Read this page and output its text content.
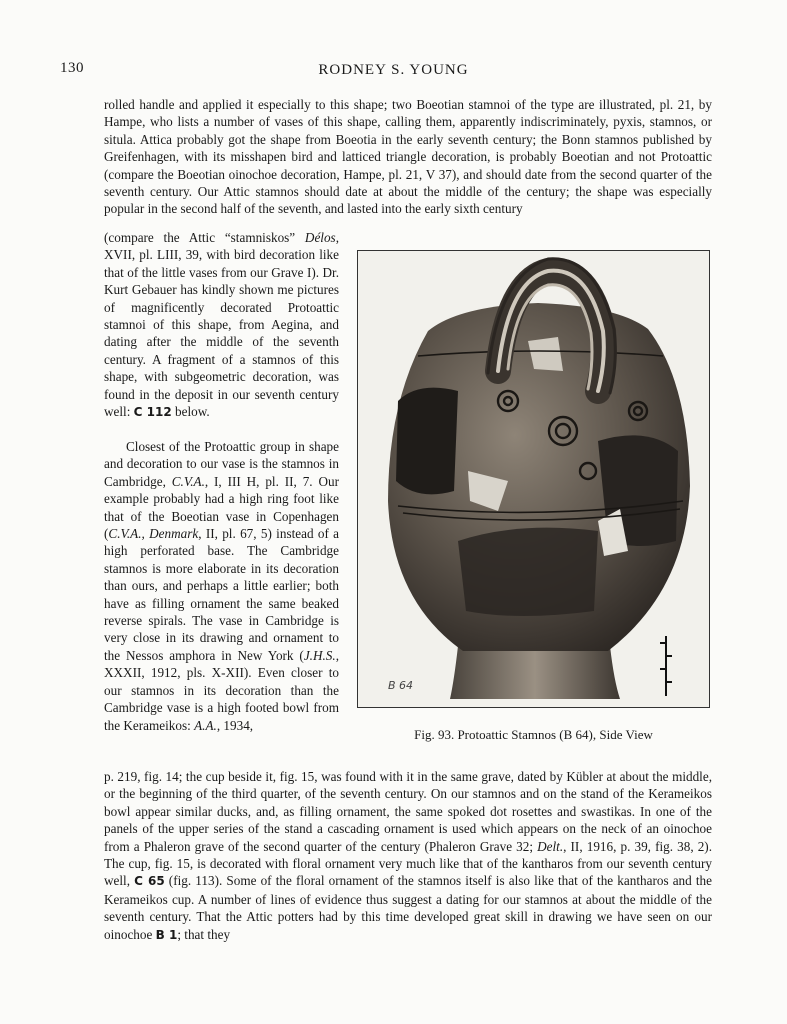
130	RODNEY S. YOUNG

rolled handle and applied it especially to this shape; two Boeotian stamnoi of the type are illustrated, pl. 21, by Hampe, who lists a number of vases of this shape, calling them, apparently indiscriminately, pyxis, stamnos, or situla. Attica probably got the shape from Boeotia in the early seventh century; the Bonn stamnos published by Greifenhagen, with its misshapen bird and latticed triangle decoration, is probably Boeotian and not Protoattic (compare the Boeotian oinochoe decoration, Hampe, pl. 21, V 37), and should date from the second quarter of the seventh century. Our Attic stamnos should date at about the middle of the century; the shape was especially popular in the second half of the seventh, and lasted into the early sixth century

(compare the Attic “stamniskos” Délos, XVII, pl. LIII, 39, with bird decoration like that of the little vases from our Grave I). Dr. Kurt Gebauer has kindly shown me pictures of magnificently decorated Protoattic stamnoi of this shape, from Aegina, and dating after the middle of the seventh century. A fragment of a stamnos of this shape, with subgeometric decoration, was found in the deposit in our seventh century well: C 112 below.

Closest of the Protoattic group in shape and decoration to our vase is the stamnos in Cambridge, C.V.A., I, III H, pl. II, 7. Our example probably had a high ring foot like that of the Boeotian vase in Copenhagen (C.V.A., Denmark, II, pl. 67, 5) instead of a high perforated base. The Cambridge stamnos is more elaborate in its decoration than ours, and perhaps a little earlier; both have as filling ornament the same beaked reverse spirals. The vase in Cambridge is very close in its drawing and ornament to the Nessos amphora in New York (J.H.S., XXXII, 1912, pls. X-XII). Even closer to our stamnos in its decoration than the Cambridge vase is a high footed bowl from the Kerameikos: A.A., 1934,

B 64
Fig. 93. Protoattic Stamnos (B 64), Side View

p. 219, fig. 14; the cup beside it, fig. 15, was found with it in the same grave, dated by Kübler at about the middle, or the beginning of the third quarter, of the seventh century. On our stamnos and on the stand of the Kerameikos bowl appear similar ducks, and, as filling ornament, the same spoked dot rosettes and swastikas. In one of the panels of the upper series of the stand a cascading ornament is used which appears on the neck of an oinochoe from a Phaleron grave of the second quarter of the century (Phaleron Grave 32; Delt., II, 1916, p. 39, fig. 38, 2). The cup, fig. 15, is decorated with floral ornament very much like that of the kantharos from our seventh century well, C 65 (fig. 113). Some of the floral ornament of the stamnos itself is also like that of the kantharos and the Kerameikos cup. A number of lines of evidence thus suggest a dating for our stamnos at about the middle of the seventh century. That the Attic potters had by this time developed great skill in drawing we have seen on our oinochoe B 1; that they
